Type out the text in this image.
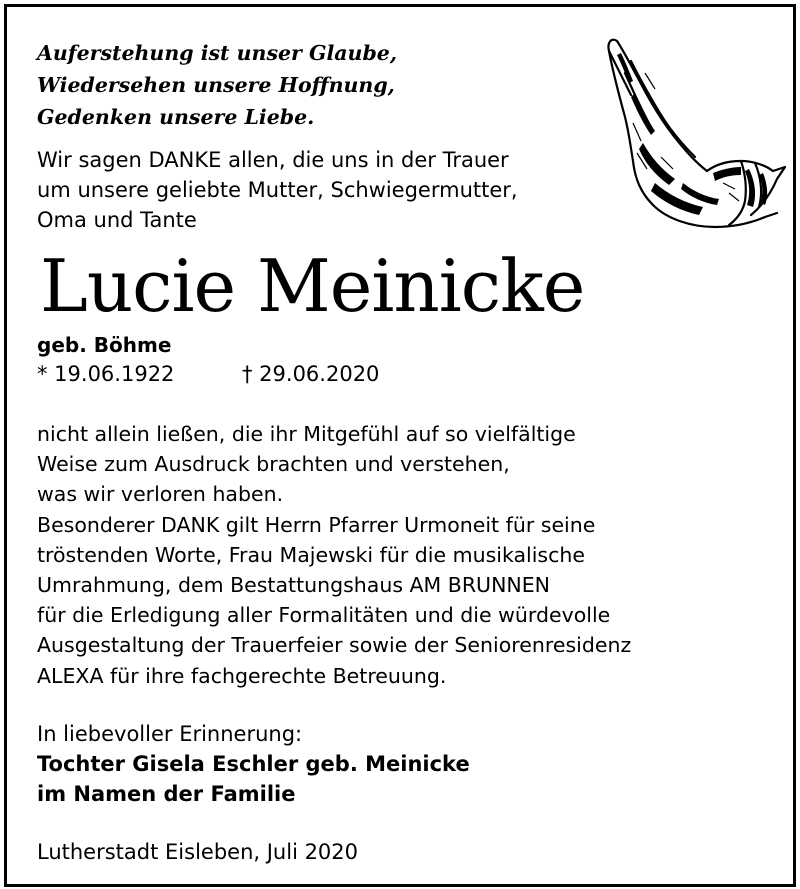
Auferstehung ist unser Glaube,
Wiedersehen unsere Hoffnung,
Gedenken unsere Liebe.
Wir sagen DANKE allen, die uns in der Trauer
um unsere geliebte Mutter, Schwiegermutter,
Oma und Tante
Lucie Meinicke
geb. Böhme
* 19.06.1922	† 29.06.2020
nicht allein ließen, die ihr Mitgefühl auf so vielfältige
Weise zum Ausdruck brachten und verstehen,
was wir verloren haben.
Besonderer DANK gilt Herrn Pfarrer Urmoneit für seine
tröstenden Worte, Frau Majewski für die musikalische
Umrahmung, dem Bestattungshaus AM BRUNNEN
für die Erledigung aller Formalitäten und die würdevolle
Ausgestaltung der Trauerfeier sowie der Seniorenresidenz
ALEXA für ihre fachgerechte Betreuung.
In liebevoller Erinnerung:
Tochter Gisela Eschler geb. Meinicke
im Namen der Familie
Lutherstadt Eisleben, Juli 2020
